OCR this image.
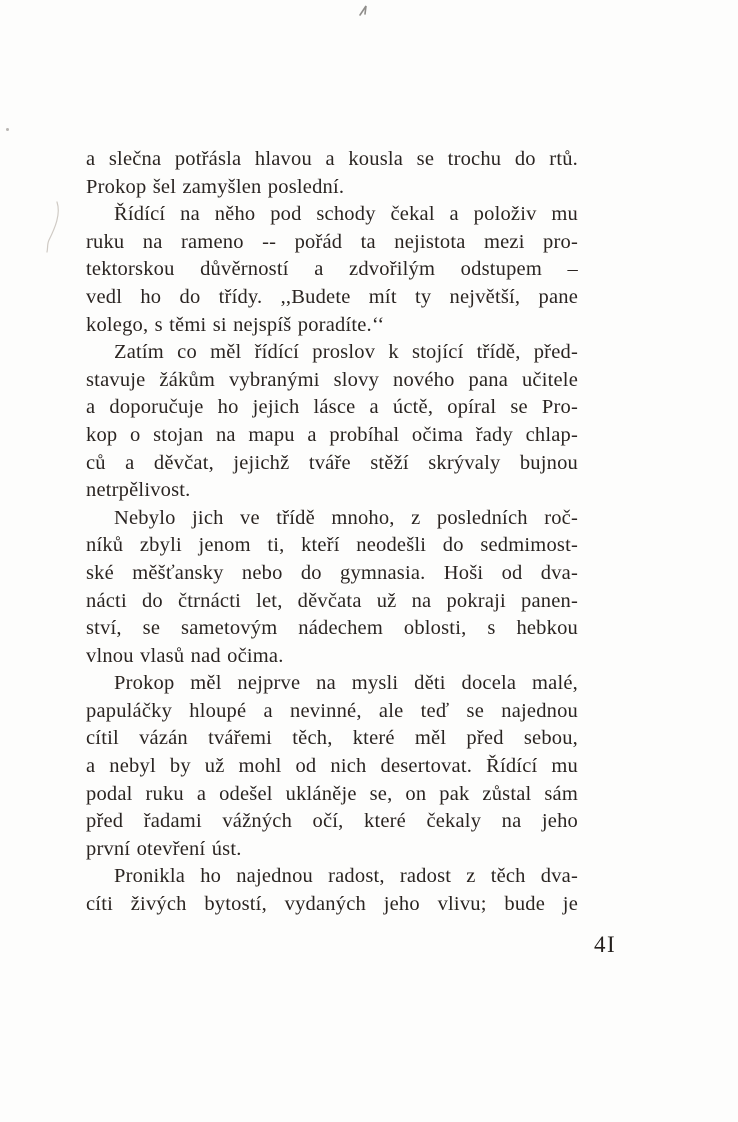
a slečna potřásla hlavou a kousla se trochu do rtů.
Prokop šel zamyšlen poslední.
Řídící na něho pod schody čekal a položiv mu
ruku na rameno -- pořád ta nejistota mezi pro-
tektorskou důvěrností a zdvořilým odstupem –
vedl ho do třídy. ,,Budete mít ty největší, pane
kolego, s těmi si nejspíš poradíte.‘‘
Zatím co měl řídící proslov k stojící třídě, před-
stavuje žákům vybranými slovy nového pana učitele
a doporučuje ho jejich lásce a úctě, opíral se Pro-
kop o stojan na mapu a probíhal očima řady chlap-
ců a děvčat, jejichž tváře stěží skrývaly bujnou
netrpělivost.
Nebylo jich ve třídě mnoho, z posledních roč-
níků zbyli jenom ti, kteří neodešli do sedmimost-
ské měšťansky nebo do gymnasia. Hoši od dva-
nácti do čtrnácti let, děvčata už na pokraji panen-
ství, se sametovým nádechem oblosti, s hebkou
vlnou vlasů nad očima.
Prokop měl nejprve na mysli děti docela malé,
papuláčky hloupé a nevinné, ale teď se najednou
cítil vázán tvářemi těch, které měl před sebou,
a nebyl by už mohl od nich desertovat. Řídící mu
podal ruku a odešel ukláněje se, on pak zůstal sám
před řadami vážných očí, které čekaly na jeho
první otevření úst.
Pronikla ho najednou radost, radost z těch dva-
cíti živých bytostí, vydaných jeho vlivu; bude je
4I
